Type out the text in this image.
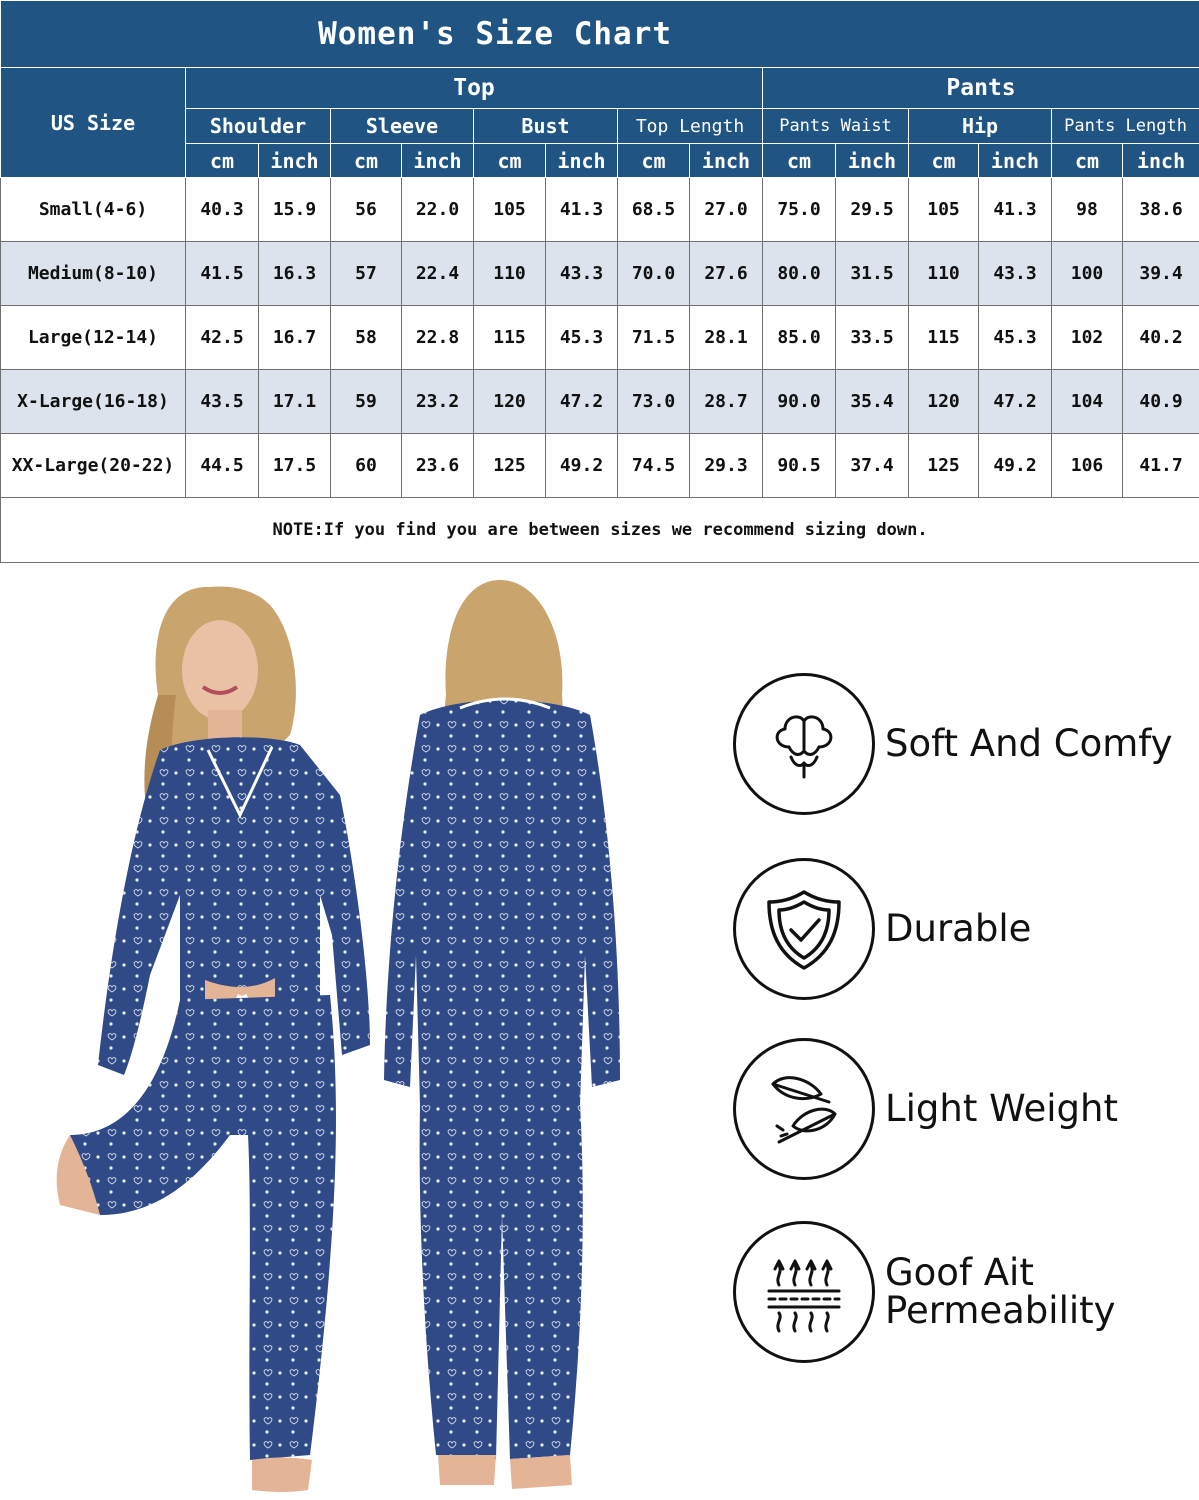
Women's Size Chart														
US Size	Top								Pants					
	Shoulder		Sleeve		Bust		Top Length		Pants Waist		Hip		Pants Length	
	cm	inch	cm	inch	cm	inch	cm	inch	cm	inch	cm	inch	cm	inch
Small(4-6)	40.3	15.9	56	22.0	105	41.3	68.5	27.0	75.0	29.5	105	41.3	98	38.6
Medium(8-10)	41.5	16.3	57	22.4	110	43.3	70.0	27.6	80.0	31.5	110	43.3	100	39.4
Large(12-14)	42.5	16.7	58	22.8	115	45.3	71.5	28.1	85.0	33.5	115	45.3	102	40.2
X-Large(16-18)	43.5	17.1	59	23.2	120	47.2	73.0	28.7	90.0	35.4	120	47.2	104	40.9
XX-Large(20-22)	44.5	17.5	60	23.6	125	49.2	74.5	29.3	90.5	37.4	125	49.2	106	41.7
NOTE:If you find you are between sizes we recommend sizing down.														
Soft And Comfy
Durable
Light Weight
Goof Ait
Permeability
